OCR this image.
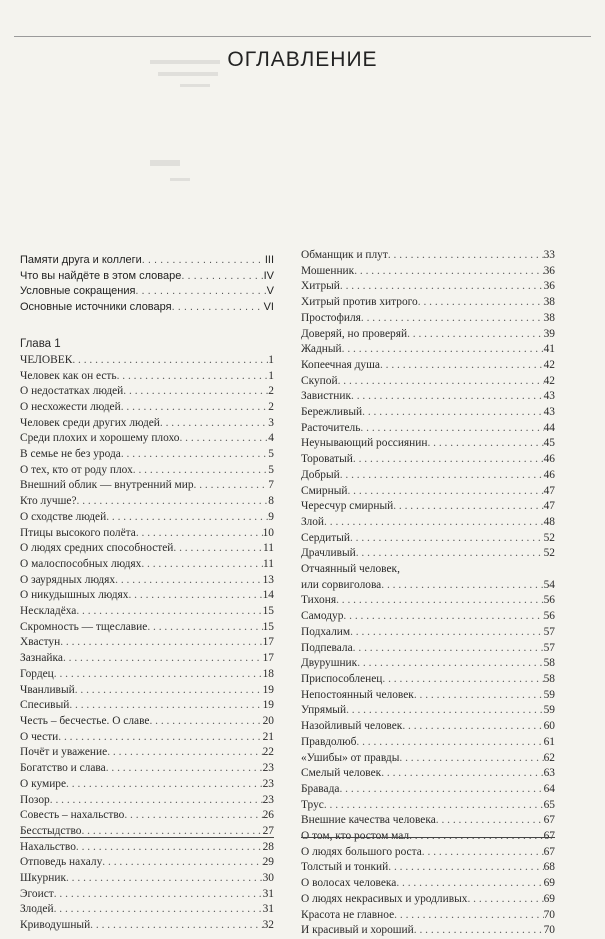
ОГЛАВЛЕНИЕ
Памяти друга и коллеги . . .	III
Что вы найдёте в этом словаре . . .	IV
Условные сокращения . . .	V
Основные источники словаря . . .	VI
Глава 1
ЧЕЛОВЕК . . .	1
Человек как он есть . . .	1
О недостатках людей . . .	2
О несхожести людей . . .	2
Человек среди других людей . . .	3
Среди плохих и хорошему плохо . . .	4
В семье не без урода . . .	5
О тех, кто от роду плох . . .	5
Внешний облик — внутренний мир . . .	7
Кто лучше? . . .	8
О сходстве людей . . .	9
Птицы высокого полёта . . .	10
О людях средних способностей . . .	11
О малоспособных людях . . .	11
О заурядных людях . . .	13
О никудышных людях . . .	14
Нескладёха . . .	15
Скромность — тщеславие . . .	15
Хвастун . . .	17
Зазнайка . . .	17
Гордец . . .	18
Чванливый . . .	19
Спесивый . . .	19
Честь – бесчестье. О славе . . .	20
О чести . . .	21
Почёт и уважение . . .	22
Богатство и слава . . .	23
О кумире . . .	23
Позор . . .	23
Совесть – нахальство . . .	26
Бесстыдство . . .	27
Нахальство . . .	28
Отповедь нахалу . . .	29
Шкурник . . .	30
Эгоист . . .	31
Злодей . . .	31
Криводушный . . .	32
Обманщик и плут . . .	33
Мошенник . . .	36
Хитрый . . .	36
Хитрый против хитрого . . .	38
Простофиля . . .	38
Доверяй, но проверяй . . .	39
Жадный . . .	41
Копеечная душа . . .	42
Скупой . . .	42
Завистник . . .	43
Бережливый . . .	43
Расточитель . . .	44
Неунывающий россиянин . . .	45
Тороватый . . .	46
Добрый . . .	46
Смирный . . .	47
Чересчур смирный . . .	47
Злой . . .	48
Сердитый . . .	52
Драчливый . . .	52
Отчаянный человек,
или сорвиголова . . .	54
Тихоня . . .	56
Самодур . . .	56
Подхалим . . .	57
Подпевала . . .	57
Двурушник . . .	58
Приспособленец . . .	58
Непостоянный человек . . .	59
Упрямый . . .	59
Назойливый человек . . .	60
Правдолюб . . .	61
«Ушибы» от правды . . .	62
Смелый человек . . .	63
Бравада . . .	64
Трус . . .	65
Внешние качества человека . . .	67
О том, кто ростом мал . . .	67
О людях большого роста . . .	67
Толстый и тонкий . . .	68
О волосах человека . . .	69
О людях некрасивых и уродливых . . .	69
Красота не главное . . .	70
И красивый и хороший . . .	70
